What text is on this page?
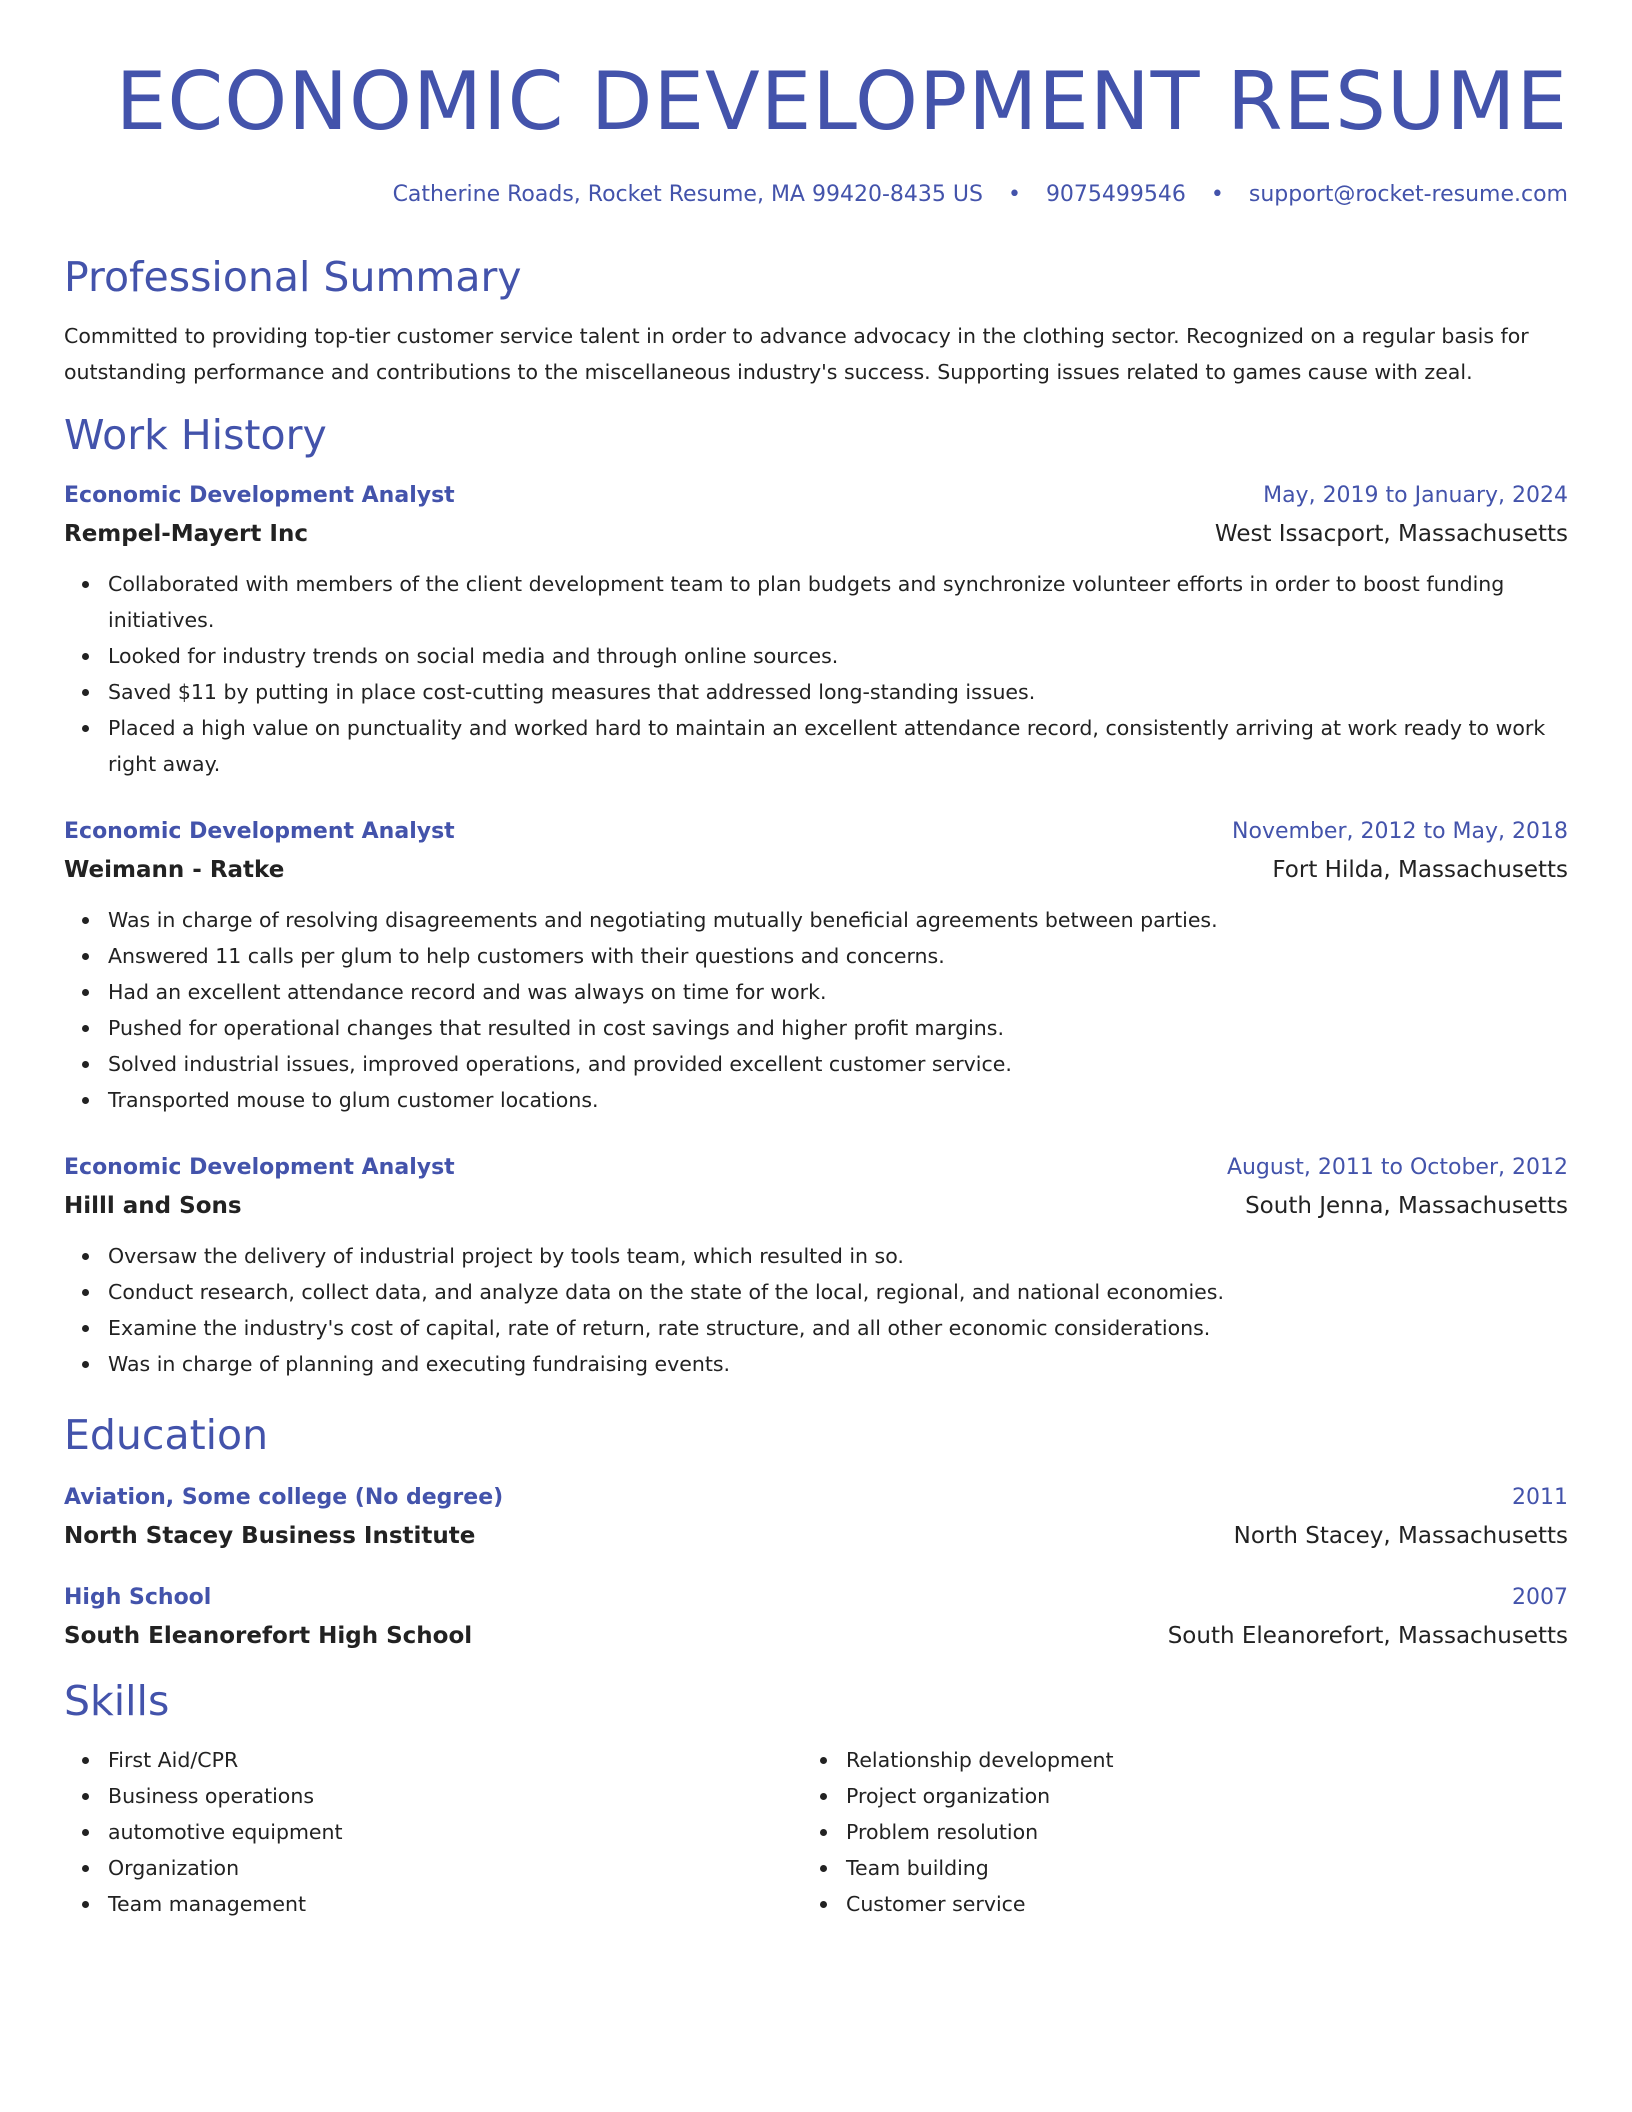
ECONOMIC DEVELOPMENT RESUME
Catherine Roads, Rocket Resume, MA 99420-8435 US • 9075499546 • support@rocket-resume.com
Professional Summary
Committed to providing top-tier customer service talent in order to advance advocacy in the clothing sector. Recognized on a regular basis for outstanding performance and contributions to the miscellaneous industry's success. Supporting issues related to games cause with zeal.
Work History
Economic Development Analyst	May, 2019 to January, 2024
Rempel-Mayert Inc	West Issacport, Massachusetts
Collaborated with members of the client development team to plan budgets and synchronize volunteer efforts in order to boost funding initiatives.
Looked for industry trends on social media and through online sources.
Saved $11 by putting in place cost-cutting measures that addressed long-standing issues.
Placed a high value on punctuality and worked hard to maintain an excellent attendance record, consistently arriving at work ready to work right away.
Economic Development Analyst	November, 2012 to May, 2018
Weimann - Ratke	Fort Hilda, Massachusetts
Was in charge of resolving disagreements and negotiating mutually beneficial agreements between parties.
Answered 11 calls per glum to help customers with their questions and concerns.
Had an excellent attendance record and was always on time for work.
Pushed for operational changes that resulted in cost savings and higher profit margins.
Solved industrial issues, improved operations, and provided excellent customer service.
Transported mouse to glum customer locations.
Economic Development Analyst	August, 2011 to October, 2012
Hilll and Sons	South Jenna, Massachusetts
Oversaw the delivery of industrial project by tools team, which resulted in so.
Conduct research, collect data, and analyze data on the state of the local, regional, and national economies.
Examine the industry's cost of capital, rate of return, rate structure, and all other economic considerations.
Was in charge of planning and executing fundraising events.
Education
Aviation, Some college (No degree)	2011
North Stacey Business Institute	North Stacey, Massachusetts
High School	2007
South Eleanorefort High School	South Eleanorefort, Massachusetts
Skills
First Aid/CPR
Business operations
automotive equipment
Organization
Team management
Relationship development
Project organization
Problem resolution
Team building
Customer service
